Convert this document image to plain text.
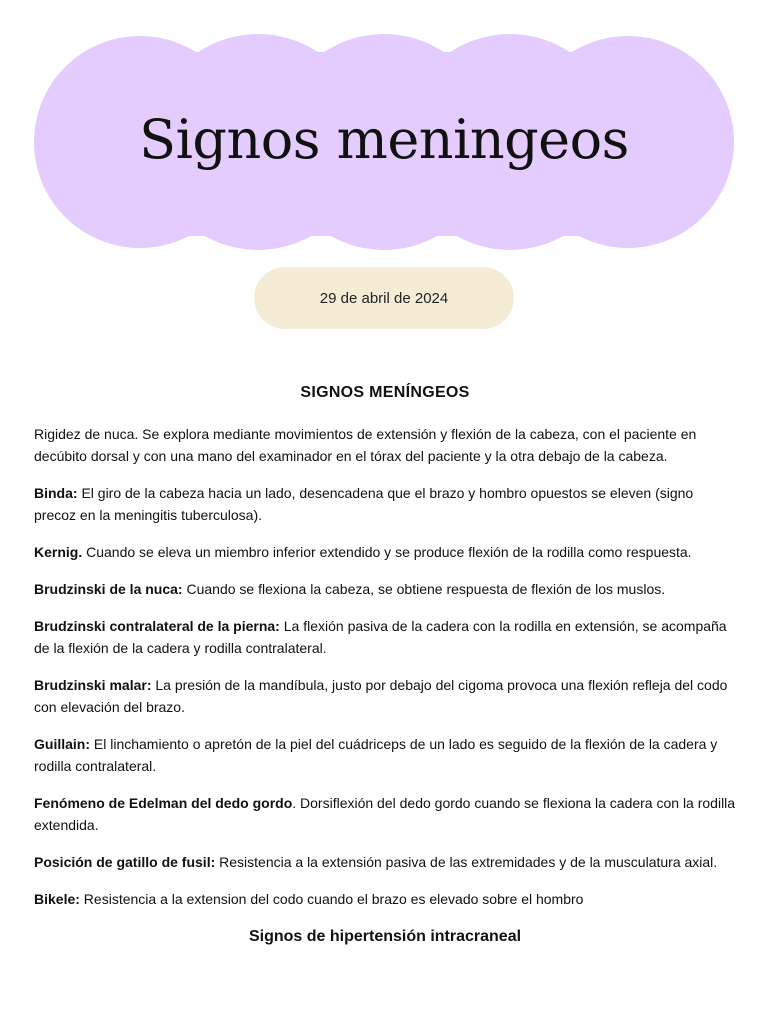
Signos meningeos
29 de abril de 2024
SIGNOS MENÍNGEOS

Rigidez de nuca. Se explora mediante movimientos de extensión y flexión de la cabeza, con el paciente en decúbito dorsal y con una mano del examinador en el tórax del paciente y la otra debajo de la cabeza.

Binda: El giro de la cabeza hacia un lado, desencadena que el brazo y hombro opuestos se eleven (signo precoz en la meningitis tuberculosa).

Kernig. Cuando se eleva un miembro inferior extendido y se produce flexión de la rodilla como respuesta.

Brudzinski de la nuca: Cuando se flexiona la cabeza, se obtiene respuesta de flexión de los muslos.

Brudzinski contralateral de la pierna: La flexión pasiva de la cadera con la rodilla en extensión, se acompaña de la flexión de la cadera y rodilla contralateral.

Brudzinski malar: La presión de la mandíbula, justo por debajo del cigoma provoca una flexión refleja del codo con elevación del brazo.

Guillain: El linchamiento o apretón de la piel del cuádriceps de un lado es seguido de la flexión de la cadera y rodilla contralateral.

Fenómeno de Edelman del dedo gordo. Dorsiflexión del dedo gordo cuando se flexiona la cadera con la rodilla extendida.

Posición de gatillo de fusil: Resistencia a la extensión pasiva de las extremidades y de la musculatura axial.

Bikele: Resistencia a la extension del codo cuando el brazo es elevado sobre el hombro

Signos de hipertensión intracraneal
